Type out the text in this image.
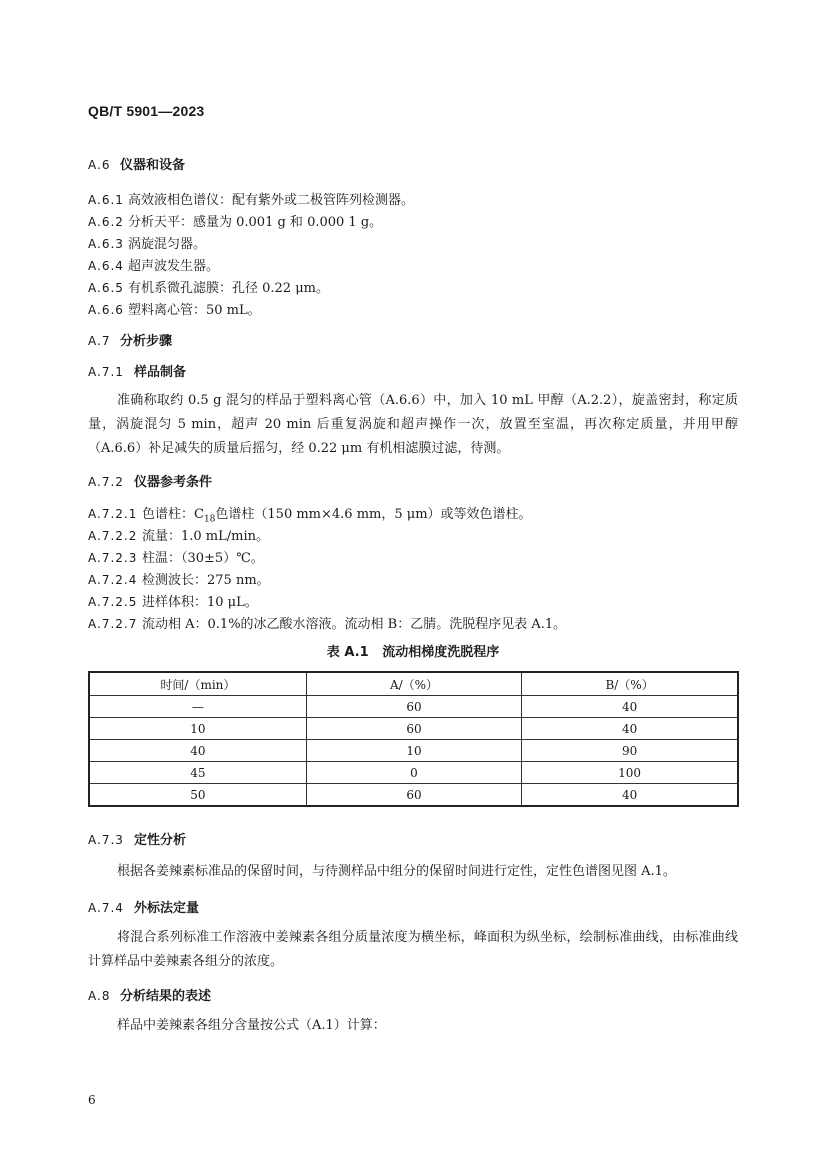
QB/T 5901—2023
A.6 仪器和设备
A.6.1 高效液相色谱仪：配有紫外或二极管阵列检测器。
A.6.2 分析天平：感量为 0.001 g 和 0.000 1 g。
A.6.3 涡旋混匀器。
A.6.4 超声波发生器。
A.6.5 有机系微孔滤膜：孔径 0.22 μm。
A.6.6 塑料离心管：50 mL。
A.7 分析步骤
A.7.1 样品制备
准确称取约 0.5 g 混匀的样品于塑料离心管（A.6.6）中，加入 10 mL 甲醇（A.2.2），旋盖密封，称定质量，涡旋混匀 5 min，超声 20 min 后重复涡旋和超声操作一次，放置至室温，再次称定质量，并用甲醇（A.6.6）补足减失的质量后摇匀，经 0.22 μm 有机相滤膜过滤，待测。
A.7.2 仪器参考条件
A.7.2.1 色谱柱：$C_{18}$色谱柱（150 mm×4.6 mm，5 μm）或等效色谱柱。
A.7.2.2 流量：1.0 mL/min。
A.7.2.3 柱温：（30±5）℃。
A.7.2.4 检测波长：275 nm。
A.7.2.5 进样体积：10 μL。
A.7.2.7 流动相 A：0.1%的冰乙酸水溶液。流动相 B：乙腈。洗脱程序见表 A.1。
表 A.1 流动相梯度洗脱程序
时间/（min）	A/（%）	B/（%）
—	60	40
10	60	40
40	10	90
45	0	100
50	60	40
A.7.3 定性分析
根据各姜辣素标准品的保留时间，与待测样品中组分的保留时间进行定性，定性色谱图见图 A.1。
A.7.4 外标法定量
将混合系列标准工作溶液中姜辣素各组分质量浓度为横坐标，峰面积为纵坐标，绘制标准曲线，由标准曲线计算样品中姜辣素各组分的浓度。
A.8 分析结果的表述
样品中姜辣素各组分含量按公式（A.1）计算：
6
